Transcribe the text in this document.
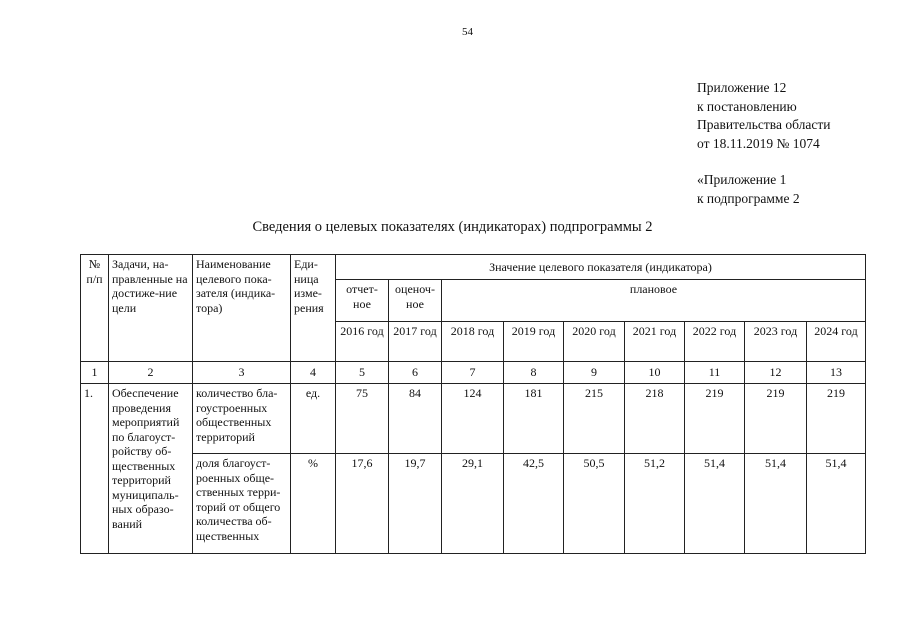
54
Приложение 12
к постановлению
Правительства области
от 18.11.2019 № 1074
«Приложение 1
к подпрограмме 2
Сведения о целевых показателях (индикаторах) подпрограммы 2
№ п/п	Задачи, на-правленные на достиже-ние цели	Наименование целевого пока-зателя (индика-тора)	Еди-ница изме-рения	Значение целевого показателя (индикатора)								
				отчет-ное	оценоч-ное	плановое						
				2016 год	2017 год	2018 год	2019 год	2020 год	2021 год	2022 год	2023 год	2024 год
1	2	3	4	5	6	7	8	9	10	11	12	13
1.	Обеспечение проведения мероприятий по благоуст-ройству об-щественных территорий муниципаль-ных образо-ваний	количество бла-гоустроенных общественных территорий	ед.	75	84	124	181	215	218	219	219	219
		доля благоуст-роенных обще-ственных терри-торий от общего количества об-щественных	%	17,6	19,7	29,1	42,5	50,5	51,2	51,4	51,4	51,4
